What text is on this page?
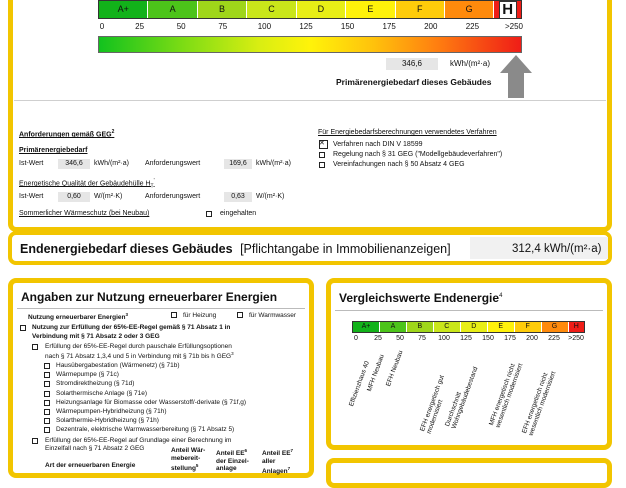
A+	A	B	C	D	E	F	G	H
0	25	50	75	100	125	150	175	200	225	>250
346,6	kWh/(m²·a)
Primärenergiebedarf dieses Gebäudes
Anforderungen gemäß GEG$^2$
Primärenergiebedarf
Ist-Wert	346,6	kWh/(m²·a) Anforderungswert	169,6	kWh/(m²·a)
Energetische Qualität der Gebäudehülle $H_T'$
Ist-Wert	0,60	W/(m²·K)	Anforderungswert	0,63	W/(m²·K)
Sommerlicher Wärmeschutz (bei Neubau)	eingehalten
Für Energiebedarfsberechnungen verwendetes Verfahren
✕
Verfahren nach DIN V 18599
Regelung nach § 31 GEG ("Modellgebäudeverfahren")
Vereinfachungen nach § 50 Absatz 4 GEG
Endenergiebedarf dieses Gebäudes [Pflichtangabe in Immobilienanzeigen]	312,4 kWh/(m²·a)
Angaben zur Nutzung erneuerbarer Energien
Nutzung erneuerbarer Energien$^3$	für Heizung	für Warmwasser
Nutzung zur Erfüllung der 65%-EE-Regel gemäß § 71 Absatz 1 in
Verbindung mit § 71 Absatz 2 oder 3 GEG
Erfüllung der 65%-EE-Regel durch pauschale Erfüllungsoptionen
nach § 71 Absatz 1,3,4 und 5 in Verbindung mit § 71b bis h GEG$^3$
Hausübergabestation (Wärmenetz) (§ 71b)
Wärmepumpe (§ 71c)
Stromdirektheizung (§ 71d)
Solarthermische Anlage (§ 71e)
Heizungsanlage für Biomasse oder Wasserstoff/-derivate (§ 71f,g)
Wärmepumpen-Hybridheizung (§ 71h)
Solarthermie-Hybridheizung (§ 71h)
Dezentrale, elektrische Warmwasserbereitung (§ 71 Absatz 5)
Erfüllung der 65%-EE-Regel auf Grundlage einer Berechnung im
Einzelfall nach § 71 Absatz 2 GEG
Art der erneuerbaren Energie
Anteil Wär-
mebereit-
stellung$^5$
Anteil $EE^6$
der Einzel-
anlage
Anteil $EE^7$
aller
Anlagen$^7$
Vergleichswerte Endenergie$^4$
A+	A	B	C	D	E	F	G	H
0	25	50	75	100	125	150	175	200	225	>250
Effizienzhaus 40
MFH Neubau EFH Neubau
EFH energetisch gut modernisiert Durchschnitt Wohngebäudebestand	MFH energetisch nicht wesentlich modernisiert
EFH energetisch nicht wesentlich modernisiert
